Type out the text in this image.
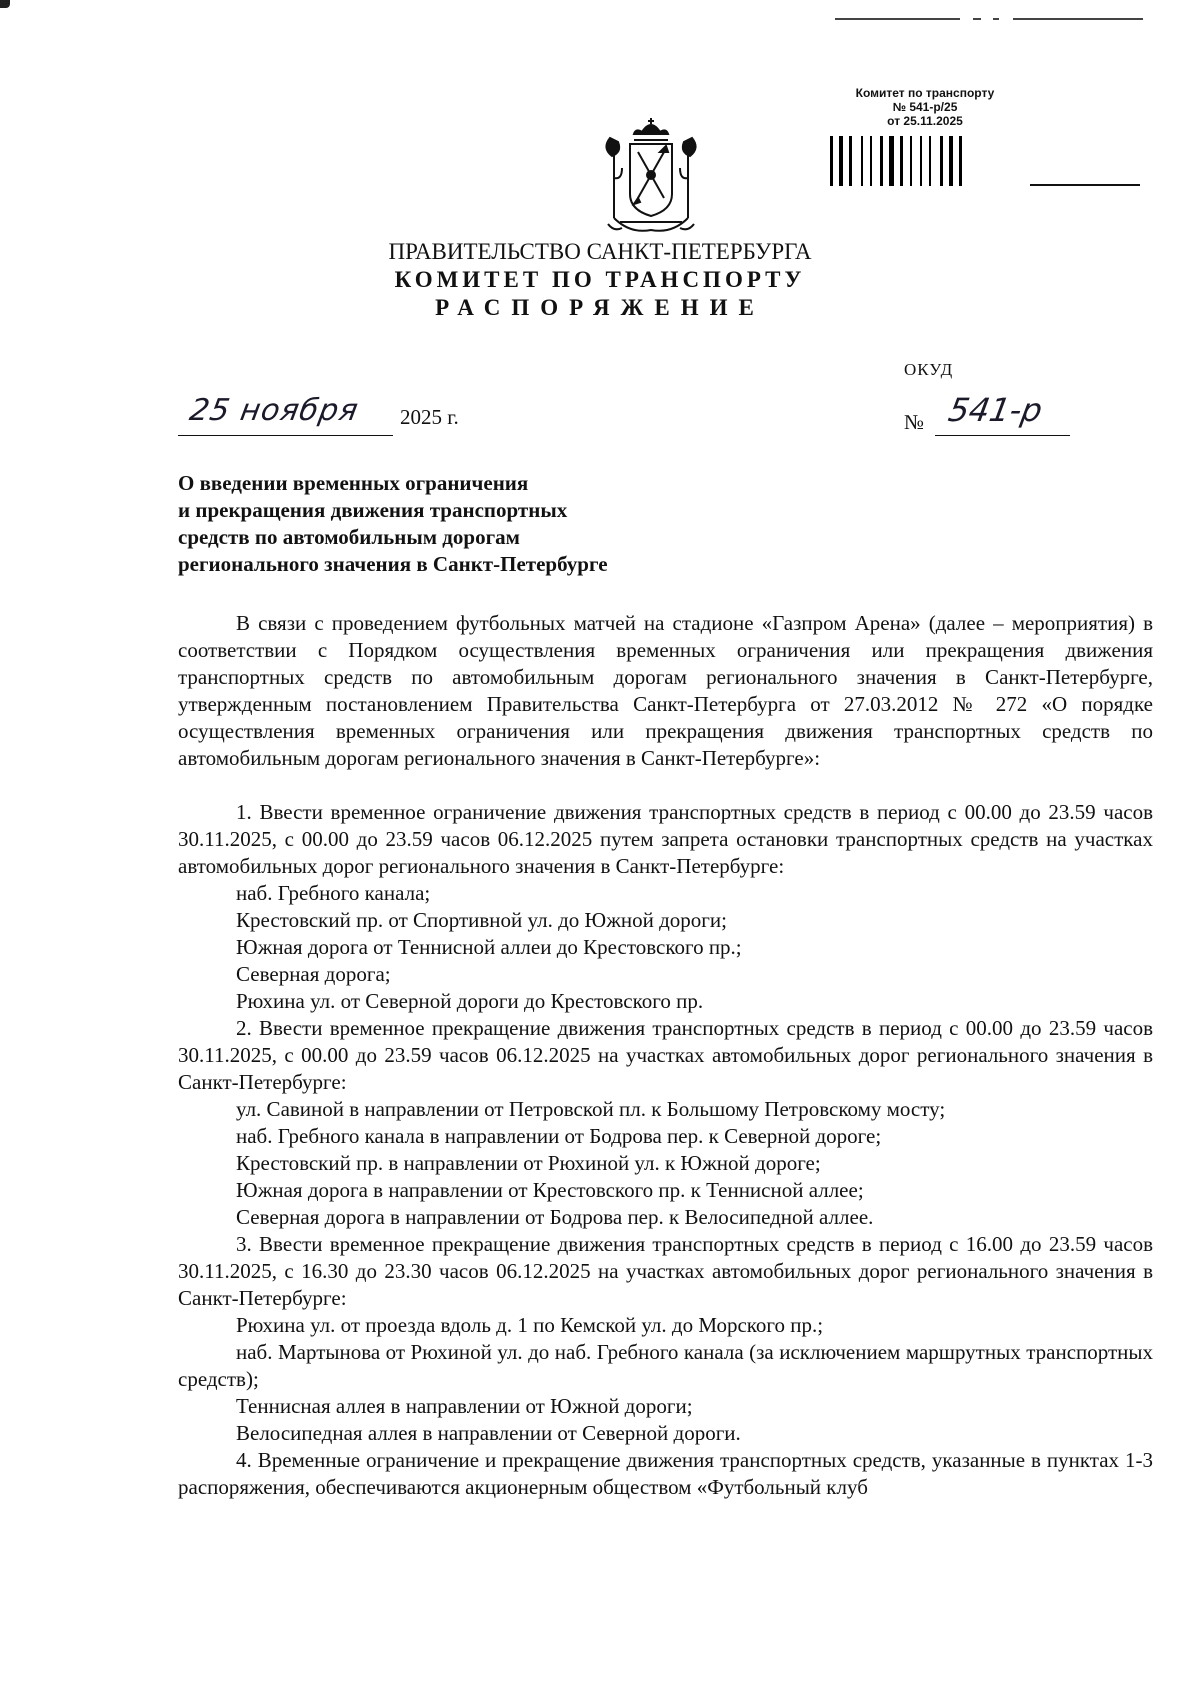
Комитет по транспорту
№ 541-р/25
от 25.11.2025

ПРАВИТЕЛЬСТВО САНКТ-ПЕТЕРБУРГА

КОМИТЕТ ПО ТРАНСПОРТУ

РАСПОРЯЖЕНИЕ

ОКУД
25 ноября 2025 г.	№ 541-р
О введении временных ограничения
и прекращения движения транспортных
средств по автомобильным дорогам
регионального значения в Санкт-Петербурге

В связи с проведением футбольных матчей на стадионе «Газпром Арена» (далее – мероприятия) в соответствии с Порядком осуществления временных ограничения или прекращения движения транспортных средств по автомобильным дорогам регионального значения в Санкт-Петербурге, утвержденным постановлением Правительства Санкт-Петербурга от 27.03.2012 № 272 «О порядке осуществления временных ограничения или прекращения движения транспортных средств по автомобильным дорогам регионального значения в Санкт-Петербурге»:

1. Ввести временное ограничение движения транспортных средств в период с 00.00 до 23.59 часов 30.11.2025, с 00.00 до 23.59 часов 06.12.2025 путем запрета остановки транспортных средств на участках автомобильных дорог регионального значения в Санкт-Петербурге:

наб. Гребного канала;

Крестовский пр. от Спортивной ул. до Южной дороги;

Южная дорога от Теннисной аллеи до Крестовского пр.;

Северная дорога;

Рюхина ул. от Северной дороги до Крестовского пр.

2. Ввести временное прекращение движения транспортных средств в период с 00.00 до 23.59 часов 30.11.2025, с 00.00 до 23.59 часов 06.12.2025 на участках автомобильных дорог регионального значения в Санкт-Петербурге:

ул. Савиной в направлении от Петровской пл. к Большому Петровскому мосту;

наб. Гребного канала в направлении от Бодрова пер. к Северной дороге;

Крестовский пр. в направлении от Рюхиной ул. к Южной дороге;

Южная дорога в направлении от Крестовского пр. к Теннисной аллее;

Северная дорога в направлении от Бодрова пер. к Велосипедной аллее.

3. Ввести временное прекращение движения транспортных средств в период с 16.00 до 23.59 часов 30.11.2025, с 16.30 до 23.30 часов 06.12.2025 на участках автомобильных дорог регионального значения в Санкт-Петербурге:

Рюхина ул. от проезда вдоль д. 1 по Кемской ул. до Морского пр.;

наб. Мартынова от Рюхиной ул. до наб. Гребного канала (за исключением маршрутных транспортных средств);

Теннисная аллея в направлении от Южной дороги;

Велосипедная аллея в направлении от Северной дороги.

4. Временные ограничение и прекращение движения транспортных средств, указанные в пунктах 1-3 распоряжения, обеспечиваются акционерным обществом «Футбольный клуб
